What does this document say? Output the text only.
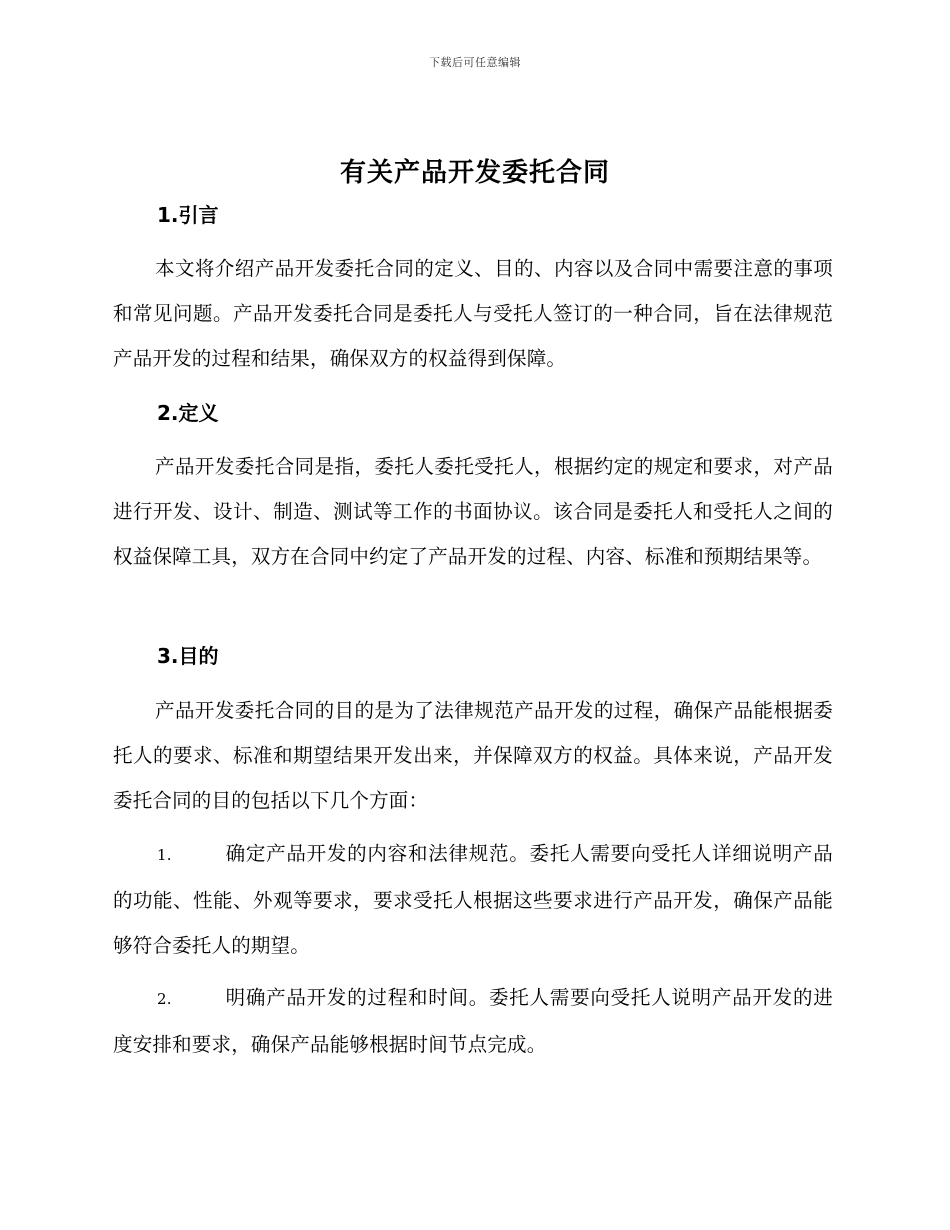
下载后可任意编辑
有关产品开发委托合同
1.引言
本文将介绍产品开发委托合同的定义、目的、内容以及合同中需要注意的事项和常见问题。产品开发委托合同是委托人与受托人签订的一种合同，旨在法律规范产品开发的过程和结果，确保双方的权益得到保障。
2.定义
产品开发委托合同是指，委托人委托受托人，根据约定的规定和要求，对产品进行开发、设计、制造、测试等工作的书面协议。该合同是委托人和受托人之间的权益保障工具，双方在合同中约定了产品开发的过程、内容、标准和预期结果等。
3.目的
产品开发委托合同的目的是为了法律规范产品开发的过程，确保产品能根据委托人的要求、标准和期望结果开发出来，并保障双方的权益。具体来说，产品开发委托合同的目的包括以下几个方面：
1.	确定产品开发的内容和法律规范。委托人需要向受托人详细说明产品的功能、性能、外观等要求，要求受托人根据这些要求进行产品开发，确保产品能够符合委托人的期望。
2.	明确产品开发的过程和时间。委托人需要向受托人说明产品开发的进度安排和要求，确保产品能够根据时间节点完成。
